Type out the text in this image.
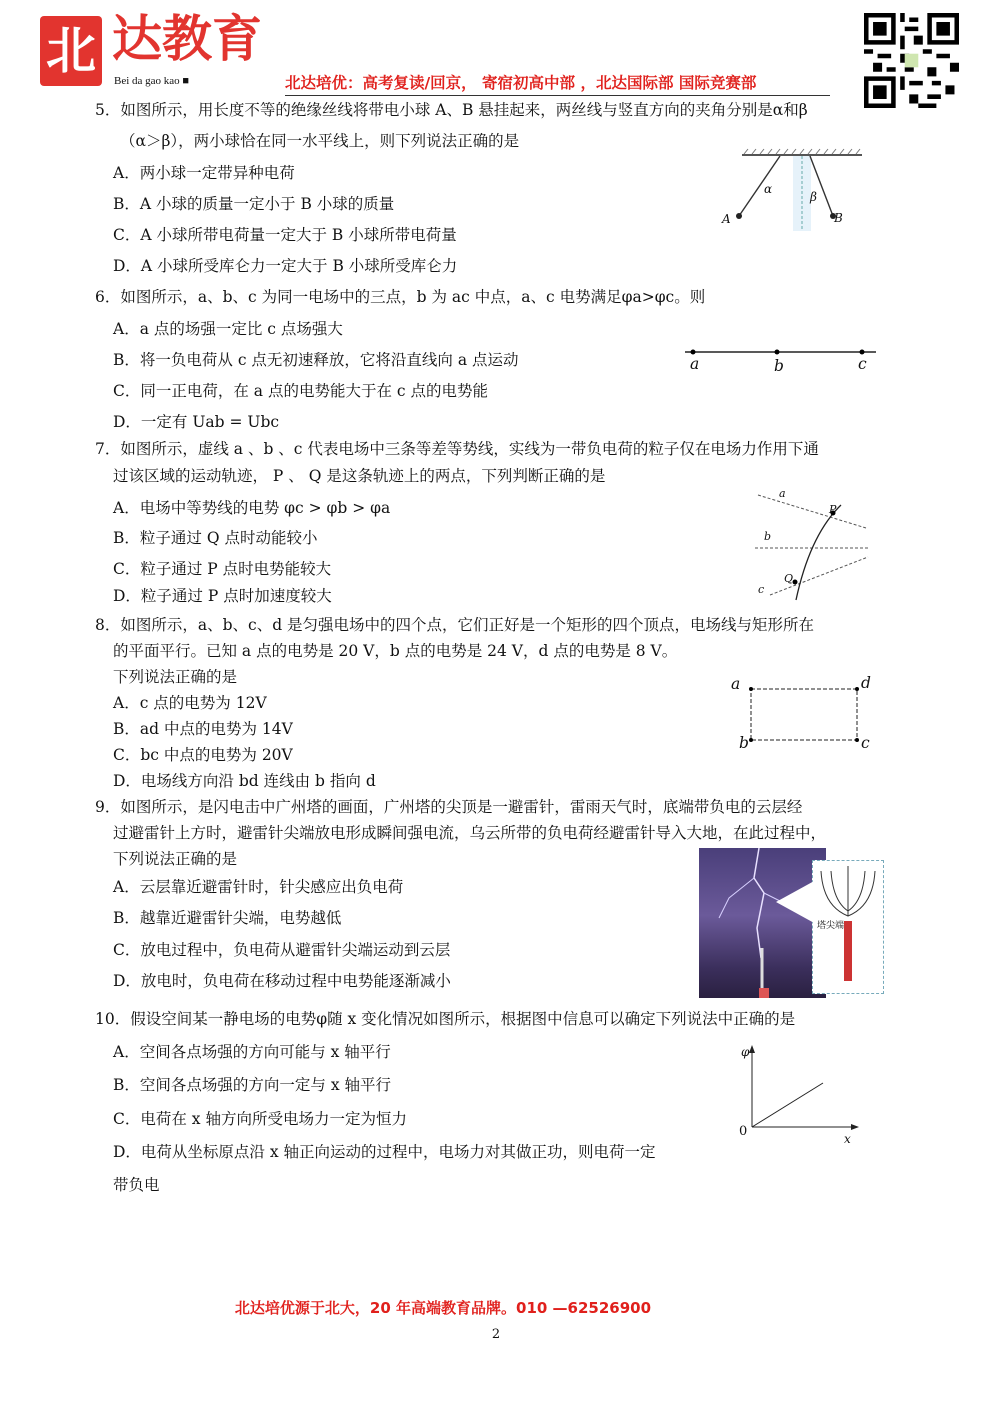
北 达教育
Bei da gao kao ■	北达培优：高考复读/回京， 寄宿初高中部 ，北达国际部 国际竞赛部
5．如图所示，用长度不等的绝缘丝线将带电小球 A、B 悬挂起来，两丝线与竖直方向的夹角分别是α和β
（α＞β），两小球恰在同一水平线上，则下列说法正确的是
A．两小球一定带异种电荷
B．A 小球的质量一定小于 B 小球的质量
C．A 小球所带电荷量一定大于 B 小球所带电荷量
D．A 小球所受库仑力一定大于 B 小球所受库仑力
α
β
A	B
6．如图所示，a、b、c 为同一电场中的三点，b 为 ac 中点，a、c 电势满足φa>φc。则
A．a 点的场强一定比 c 点场强大
B．将一负电荷从 c 点无初速释放，它将沿直线向 a 点运动
C．同一正电荷，在 a 点的电势能大于在 c 点的电势能
D．一定有 Uab = Ubc
a	b	c
7．如图所示，虚线 a 、b 、c 代表电场中三条等差等势线，实线为一带负电荷的粒子仅在电场力作用下通
过该区域的运动轨迹， P 、 Q 是这条轨迹上的两点，下列判断正确的是
A．电场中等势线的电势 φc > φb > φa
B．粒子通过 Q 点时动能较小
C．粒子通过 P 点时电势能较大
D．粒子通过 P 点时加速度较大
a
P
b
Q
c
8．如图所示，a、b、c、d 是匀强电场中的四个点，它们正好是一个矩形的四个顶点，电场线与矩形所在
的平面平行。已知 a 点的电势是 20 V，b 点的电势是 24 V，d 点的电势是 8 V。
下列说法正确的是
A．c 点的电势为 12V
B．ad 中点的电势为 14V
C．bc 中点的电势为 20V
D．电场线方向沿 bd 连线由 b 指向 d
a	d
b	c
9．如图所示，是闪电击中广州塔的画面，广州塔的尖顶是一避雷针，雷雨天气时，底端带负电的云层经
过避雷针上方时，避雷针尖端放电形成瞬间强电流，乌云所带的负电荷经避雷针导入大地，在此过程中，
下列说法正确的是
A．云层靠近避雷针时，针尖感应出负电荷
B．越靠近避雷针尖端，电势越低
C．放电过程中，负电荷从避雷针尖端运动到云层
D．放电时，负电荷在移动过程中电势能逐渐减小
塔尖端
10．假设空间某一静电场的电势φ随 x 变化情况如图所示，根据图中信息可以确定下列说法中正确的是
A．空间各点场强的方向可能与 x 轴平行
B．空间各点场强的方向一定与 x 轴平行
C．电荷在 x 轴方向所受电场力一定为恒力
D．电荷从坐标原点沿 x 轴正向运动的过程中，电场力对其做正功，则电荷一定
带负电
φ
0	x
北达培优源于北大，20 年高端教育品牌。010 —62526900
2
